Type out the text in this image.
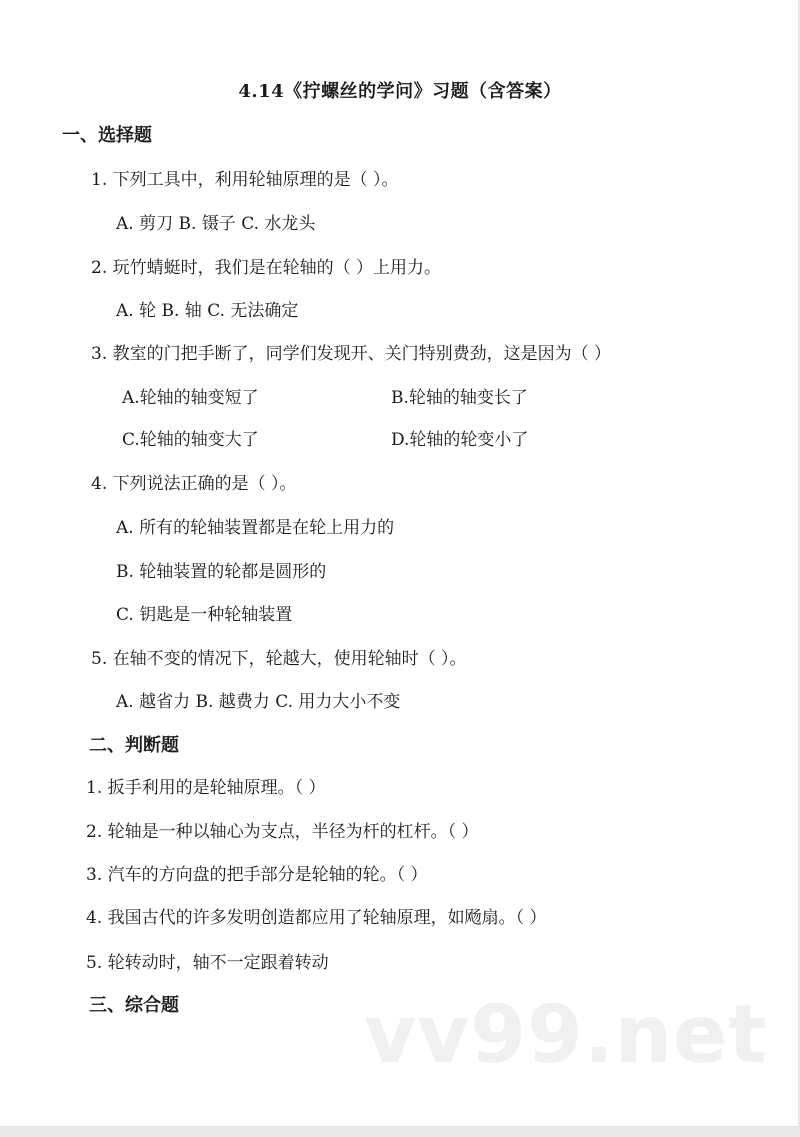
4.14《拧螺丝的学问》习题（含答案）
一、选择题
1. 下列工具中，利用轮轴原理的是（ ）。
A. 剪刀 B. 镊子 C. 水龙头
2. 玩竹蜻蜓时，我们是在轮轴的（ ）上用力。
A. 轮 B. 轴 C. 无法确定
3. 教室的门把手断了，同学们发现开、关门特别费劲，这是因为（ ）
A.轮轴的轴变短了	B.轮轴的轴变长了
C.轮轴的轴变大了	D.轮轴的轮变小了
4. 下列说法正确的是（ ）。
A. 所有的轮轴装置都是在轮上用力的
B. 轮轴装置的轮都是圆形的
C. 钥匙是一种轮轴装置
5. 在轴不变的情况下，轮越大，使用轮轴时（ ）。
A. 越省力 B. 越费力 C. 用力大小不变
二、判断题
1. 扳手利用的是轮轴原理。（ ）
2. 轮轴是一种以轴心为支点，半径为杆的杠杆。（ ）
3. 汽车的方向盘的把手部分是轮轴的轮。（ ）
4. 我国古代的许多发明创造都应用了轮轴原理，如飏扇。（ ）
5. 轮转动时，轴不一定跟着转动
三、综合题 vv99.net
